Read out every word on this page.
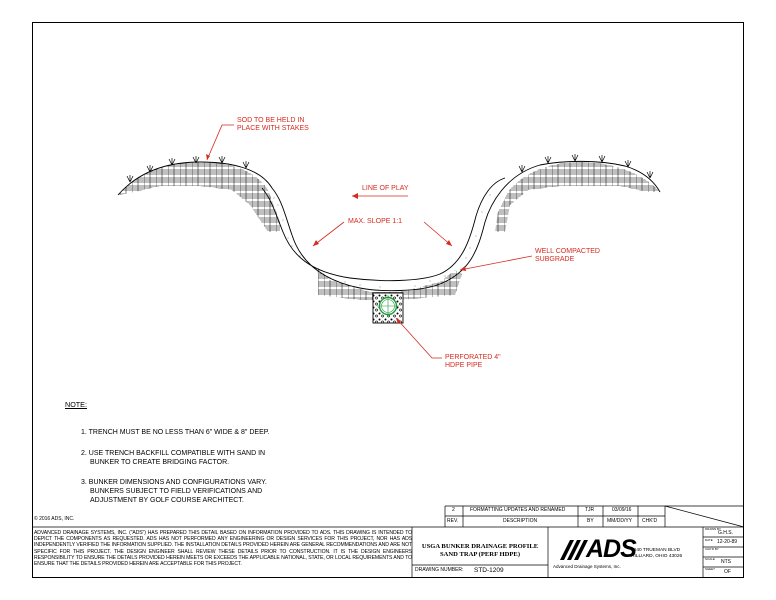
SOD TO BE HELD IN
PLACE WITH STAKES
LINE OF PLAY
MAX. SLOPE 1:1
WELL COMPACTED
SUBGRADE
PERFORATED 4"
HDPE PIPE
NOTE:
1. TRENCH MUST BE NO LESS THAN 6" WIDE & 8" DEEP.
2. USE TRENCH BACKFILL COMPATIBLE WITH SAND IN
BUNKER TO CREATE BRIDGING FACTOR.
3. BUNKER DIMENSIONS AND CONFIGURATIONS VARY.
BUNKERS SUBJECT TO FIELD VERIFICATIONS AND
ADJUSTMENT BY GOLF COURSE ARCHITECT.
© 2016 ADS, INC.
ADVANCED DRAINAGE SYSTEMS, INC. ("ADS") HAS PREPARED THIS DETAIL BASED ON INFORMATION PROVIDED TO ADS. THIS DRAWING IS INTENDED TO DEPICT THE COMPONENTS AS REQUESTED. ADS HAS NOT PERFORMED ANY ENGINEERING OR DESIGN SERVICES FOR THIS PROJECT, NOR HAS ADS INDEPENDENTLY VERIFIED THE INFORMATION SUPPLIED. THE INSTALLATION DETAILS PROVIDED HEREIN ARE GENERAL RECOMMENDATIONS AND ARE NOT SPECIFIC FOR THIS PROJECT. THE DESIGN ENGINEER SHALL REVIEW THESE DETAILS PRIOR TO CONSTRUCTION. IT IS THE DESIGN ENGINEERS RESPONSIBILITY TO ENSURE THE DETAILS PROVIDED HEREIN MEETS OR EXCEEDS THE APPLICABLE NATIONAL, STATE, OR LOCAL REQUIREMENTS AND TO ENSURE THAT THE DETAILS PROVIDED HEREIN ARE ACCEPTABLE FOR THIS PROJECT.
2	FORMATTING UPDATES AND RENAMED	TJR	03/09/16
REV.	DESCRIPTION	BY	MM/DD/YY CHK'D
USGA BUNKER DRAINAGE PROFILE
SAND TRAP (PERF HDPE)
DRAWING NUMBER: STD-1209
ADS
Advanced Drainage Systems, Inc.
4640 TRUEMAN BLVD
HILLIARD, OHIO 43026
DRAWN BY
G.H.S.
DATE 12-20-89
CHK'D BY
SCALE NTS
SHEET OF
